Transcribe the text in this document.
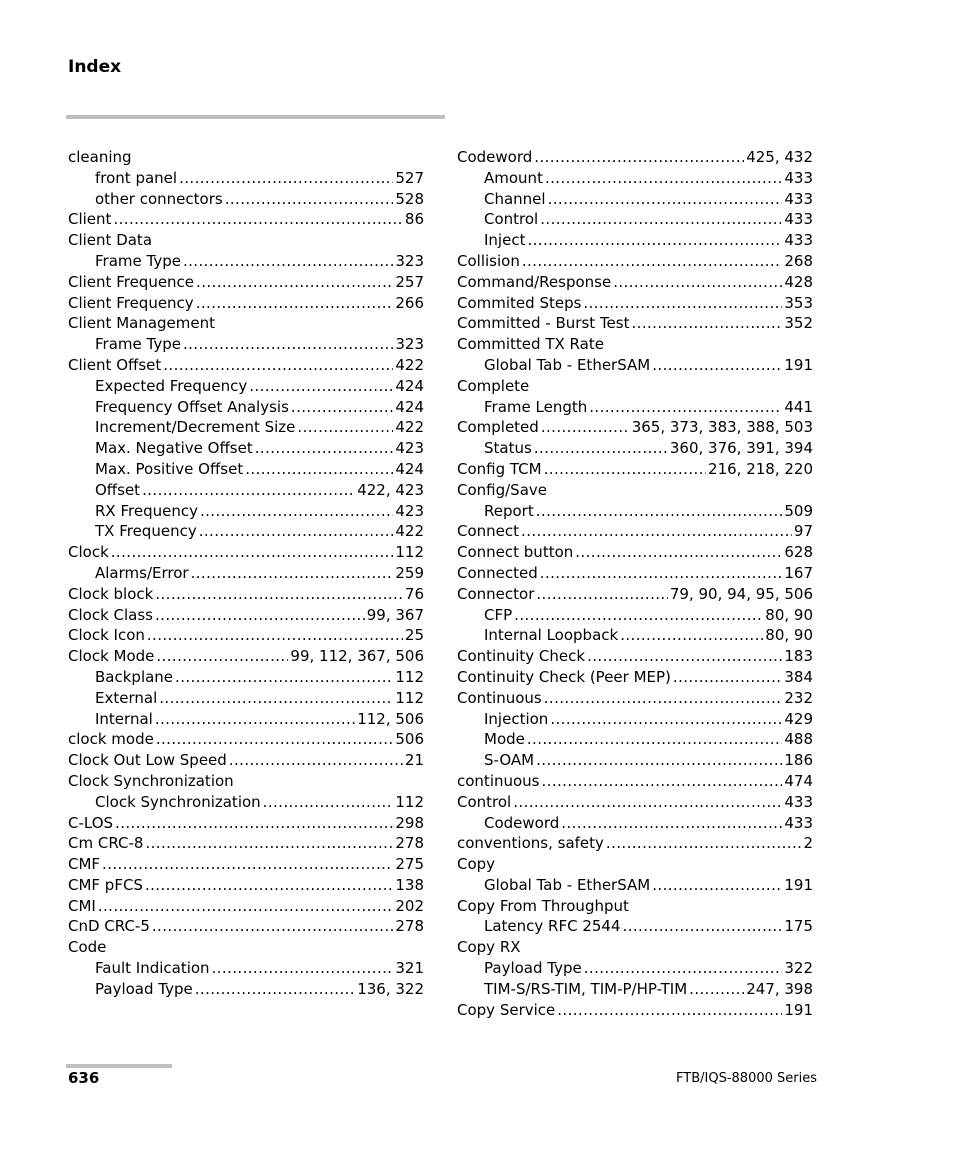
Index
cleaning
front panel .....	527
other connectors .....	528
Client .....	86
Client Data
Frame Type .....	323
Client Frequence .....	257
Client Frequency .....	266
Client Management
Frame Type .....	323
Client Offset .....	422
Expected Frequency .....	424
Frequency Offset Analysis .....	424
Increment/Decrement Size .....	422
Max. Negative Offset .....	423
Max. Positive Offset .....	424
Offset .....	422, 423
RX Frequency .....	423
TX Frequency .....	422
Clock .....	112
Alarms/Error .....	259
Clock block .....	76
Clock Class .....	99, 367
Clock Icon .....	25
Clock Mode .....	99, 112, 367, 506
Backplane .....	112
External .....	112
Internal .....	112, 506
clock mode .....	506
Clock Out Low Speed .....	21
Clock Synchronization
Clock Synchronization .....	112
C-LOS .....	298
Cm CRC-8 .....	278
CMF .....	275
CMF pFCS .....	138
CMI .....	202
CnD CRC-5 .....	278
Code
Fault Indication .....	321
Payload Type .....	136, 322
Codeword .....	425, 432
Amount .....	433
Channel .....	433
Control .....	433
Inject .....	433
Collision .....	268
Command/Response .....	428
Commited Steps .....	353
Committed - Burst Test .....	352
Committed TX Rate
Global Tab - EtherSAM .....	191
Complete
Frame Length .....	441
Completed .....	365, 373, 383, 388, 503
Status .....	360, 376, 391, 394
Config TCM .....	216, 218, 220
Config/Save
Report .....	509
Connect .....	97
Connect button .....	628
Connected .....	167
Connector .....	79, 90, 94, 95, 506
CFP .....	80, 90
Internal Loopback .....	80, 90
Continuity Check .....	183
Continuity Check (Peer MEP) .....	384
Continuous .....	232
Injection .....	429
Mode .....	488
S-OAM .....	186
continuous .....	474
Control .....	433
Codeword .....	433
conventions, safety .....	2
Copy
Global Tab - EtherSAM .....	191
Copy From Throughput
Latency RFC 2544 .....	175
Copy RX
Payload Type .....	322
TIM-S/RS-TIM, TIM-P/HP-TIM .....	247, 398
Copy Service .....	191
636	FTB/IQS-88000 Series
